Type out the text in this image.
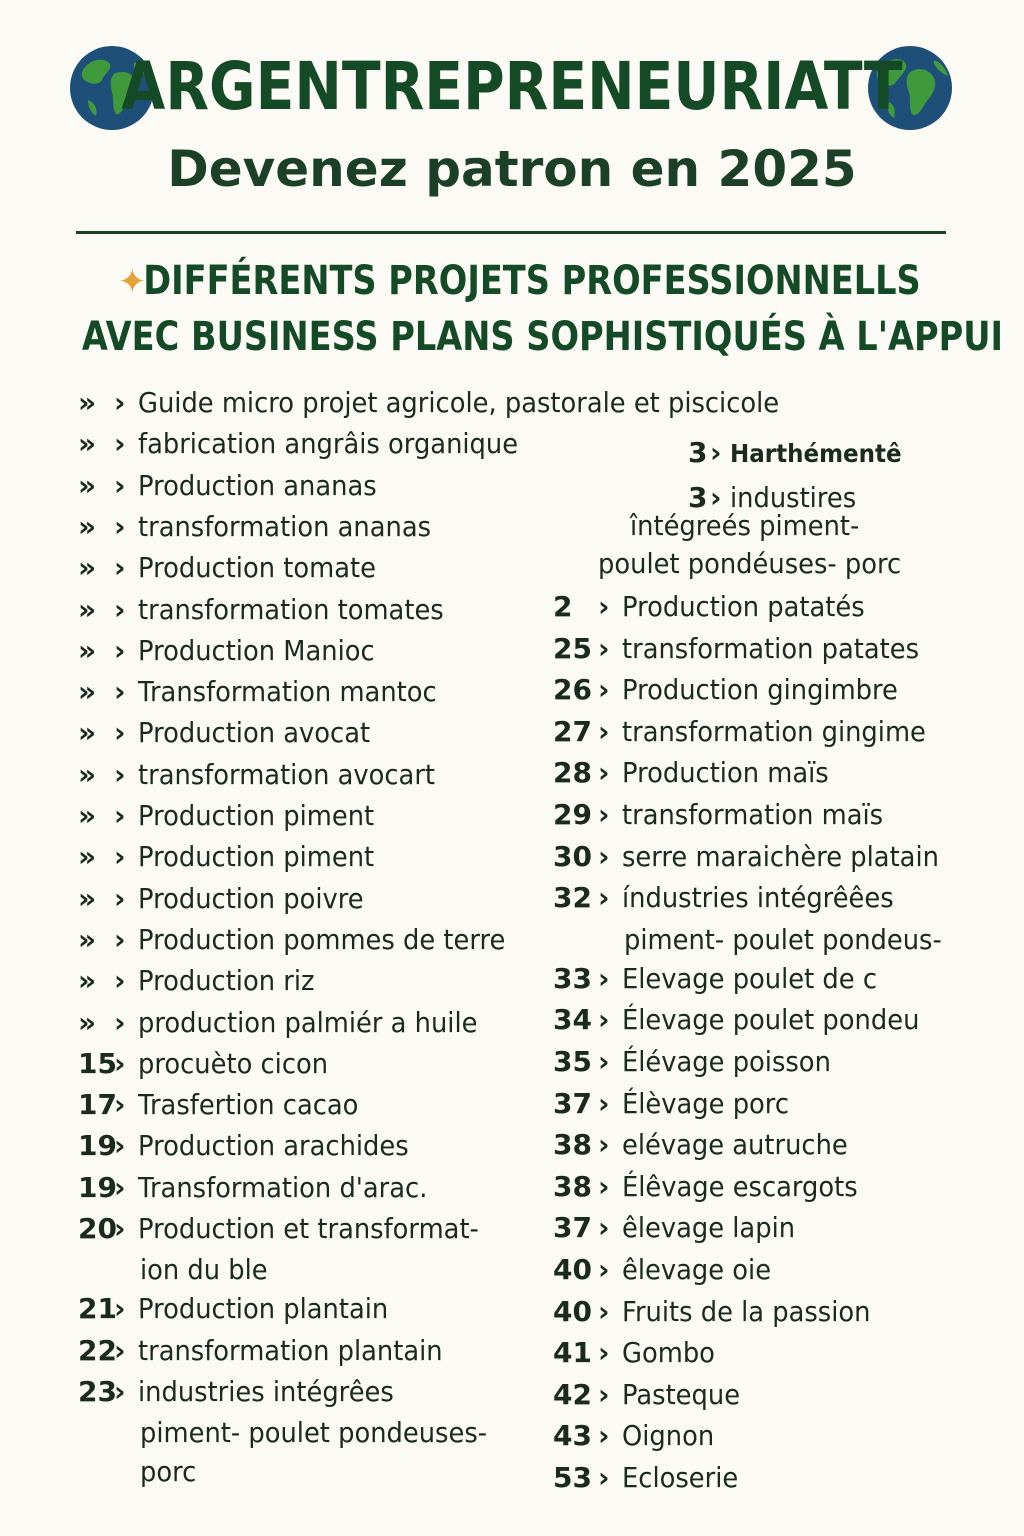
ARGENTREPRENEURIATT
Devenez patron en 2025
✦
DIFFÉRENTS PROJETS PROFESSIONNELLS
AVEC BUSINESS PLANS SOPHISTIQUÉS À L'APPUI
» › Guide micro projet agricole, pastorale et piscicole
» › fabrication angrâis organique
» › Production ananas
» › transformation ananas
» › Production tomate
» › transformation tomates
» › Production Manioc
» › Transformation mantoc
» › Production avocat
» › transformation avocart
» › Production piment
» › Production piment
» › Production poivre
» › Production pommes de terre
» › Production riz
» › production palmiér a huile
15› procuèto cicon
17› Trasfertion cacao
19› Production arachides
19› Transformation d'arac.
20› Production et transformat-
ion du ble
21› Production plantain
22› transformation plantain
23› industries intégrêes
piment- poulet pondeuses-
porc
3› Harthémentê
3› industires
întégreés piment-
poulet pondéuses- porc
2 › Production patatés
25 › transformation patates
26 › Production gingimbre
27 › transformation gingime
28 › Production maïs
29 › transformation maïs
30 › serre maraichère platain
32 › índustries intégrêêes
piment- poulet pondeus-
33 › Elevage poulet de c
34 › Élevage poulet pondeu
35 › Élévage poisson
37 › Élèvage porc
38 › elévage autruche
38 › Élêvage escargots
37 › êlevage lapin
40 › êlevage oie
40 › Fruits de la passion
41 › Gombo
42 › Pasteque
43 › Oignon
53 › Ecloserie
